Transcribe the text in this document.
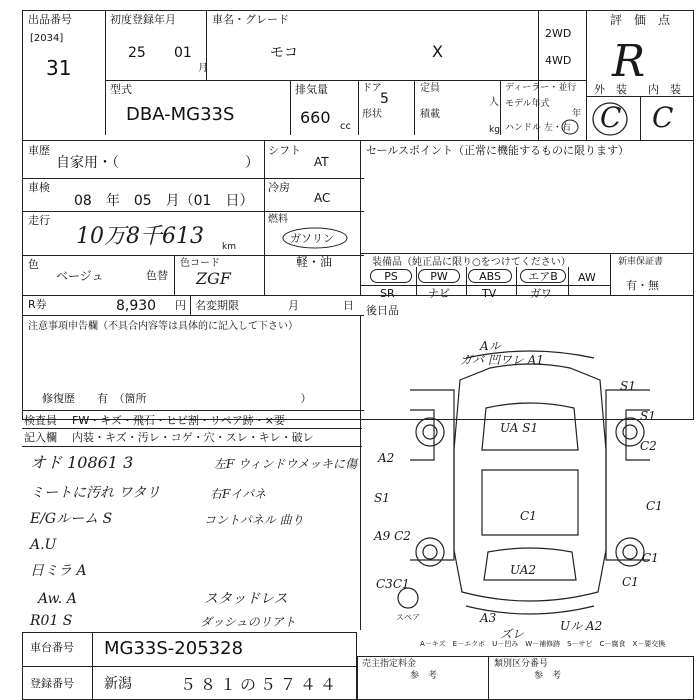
出品番号
[2034]
31
初度登録年月
25 01
月
車名・グレード
モコ	X
2WD
4WD
評　価　点
R
外　装 内　装
C C
型式
DBA-MG33S
排気量
660 cc
ドア
5
形状
定員
人
積載
kg
ディーラー・並行
モデル年式
年
ハンドル 左・右
車歴
自家用・（　　　　　　　　　）
車検
08　年　05　月（01　日）
走行
10万8千613 km
色
ベージュ	色替
色コード
ZGF
R券	8,930 円 名変期限 　　月　　　　日
シフト
AT
冷房
AC
燃料
ガソリン
軽・油
セールスポイント（正常に機能するものに限ります）
装備品（純正品に限り○をつけてください）	新車保証書
有・無
PS	PW	ABS	エアB	AW
SR	ナビ	TV	ガワ
後日品
注意事項申告欄（不具合内容等は具体的に記入して下さい）
修復歴　　有　（箇所　　　　　　　　　　　　　　）
検査員
記入欄
FW・キズ・飛石・ヒビ割・リペア跡・×要
内装・キズ・汚レ・コゲ・穴・スレ・キレ・破レ
オド 10861 3
ミートに汚れ ワタリ
E/Gルーム S
A.U
日ミラ A
Aw. A
R01 S
左F ウィンドウメッキに傷
右Fイパネ
コントパネル 曲り
スタッドレス
ダッシュのリアト
Aル
ガバ 凹ワレ A1
S1
UA S1
A2
S1
C1
A9 C2
C2
S1
C1
UA2
C3C1
C1
C1
A3
Uル A2
ズレ
スペア
A－キズ　E－エクボ　U－凹み　W－補修跡　S－サビ　C－腐食　X－要交換
車台番号 MG33S-205328
登録番号 新潟	５８１の５７４４
売主指定料金
参　考
類別区分番号
参　考
